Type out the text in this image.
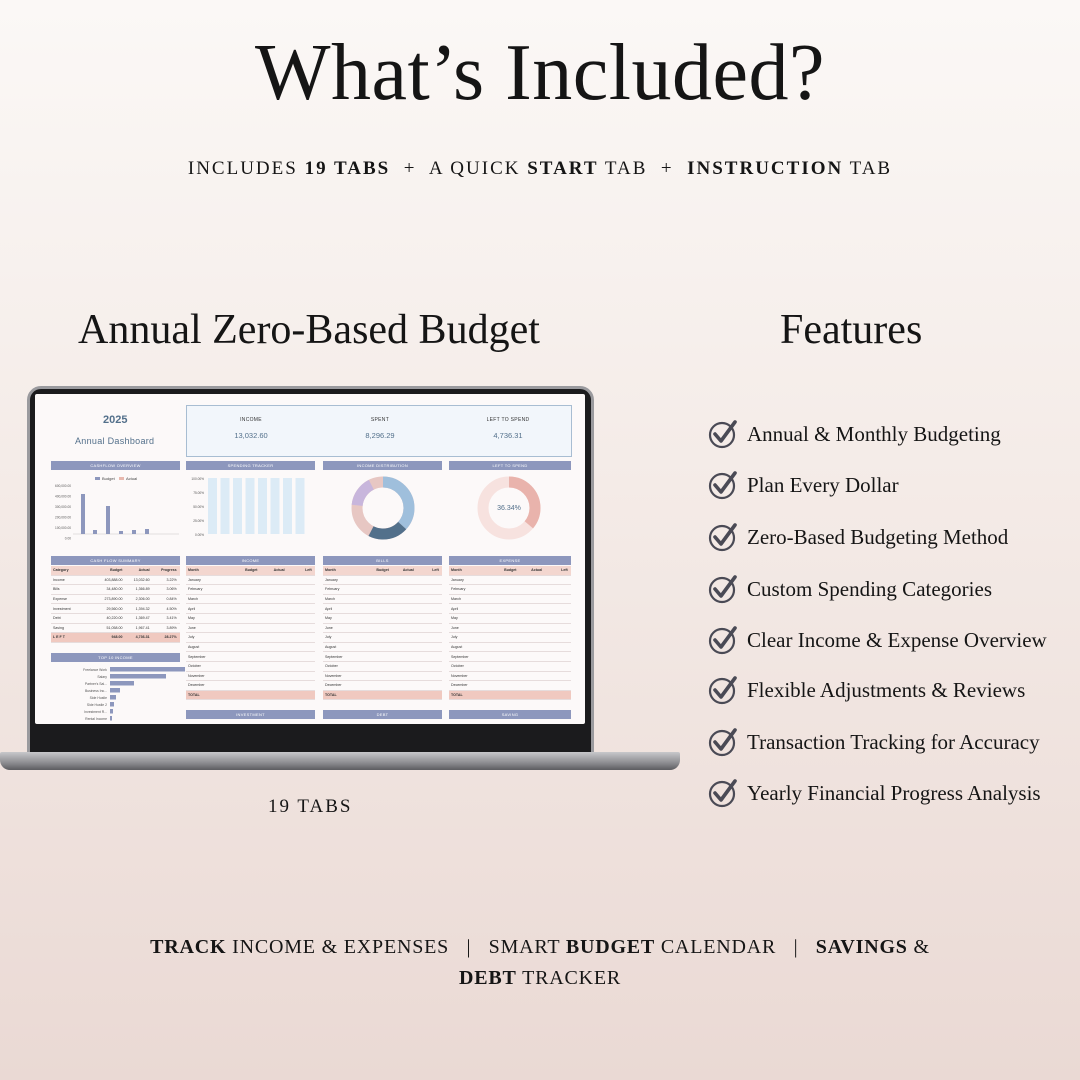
What’s Included?
INCLUDES 19 TABS  +  A QUICK START TAB  +  INSTRUCTION TAB
Annual Zero-Based Budget	Features
2025
Annual Dashboard
INCOME
13,032.60
SPENT
8,296.29
LEFT TO SPEND
4,736.31
CASHFLOW OVERVIEW	SPENDING TRACKER	INCOME DISTRIBUTION	LEFT TO SPEND
Budget	Actual
600,000.00
400,000.00
300,000.00
200,000.00
100,000.00
0.00
100.00%
75.00%
50.00%
25.00%
0.00%
36.34%
CASH FLOW SUMMARY	INCOME	BILLS	EXPENSE
Category	Budget	Actual	Progress
Income	403,888.00	13,032.60	3.22%
Bills	34,480.00	1,366.89	3.06%
Expense	273,890.00	2,306.00	0.84%
Investment	29,560.00	1,394.32	4.50%
Debt	40,220.00	1,369.47	3.41%
Saving	51,058.00	1,967.41	3.89%
L E F T	948.00	4,736.31	28.27%
Month	Budget	Actual	Left
January
February
March
April
May
June
July
August
September
October
November
December
TOTAL
Month	Budget	Actual	Left
January
February
March
April
May
June
July
August
September
October
November
December
TOTAL
Month	Budget	Actual	Left
January
February
March
April
May
June
July
August
September
October
November
December
TOTAL
TOP 10 INCOME
Freelance Work
Salary
Partner's Sal...
Business Inc...
Side Hustle
Side Hustle 2
Investment R...
Rental Income
INVESTMENT	DEBT	SAVING
19 TABS
Annual & Monthly Budgeting
Plan Every Dollar
Zero-Based Budgeting Method
Custom Spending Categories
Clear Income & Expense Overview
Flexible Adjustments & Reviews
Transaction Tracking for Accuracy
Yearly Financial Progress Analysis
TRACK INCOME & EXPENSES   |   SMART BUDGET CALENDAR   |   SAVINGS &
DEBT TRACKER
